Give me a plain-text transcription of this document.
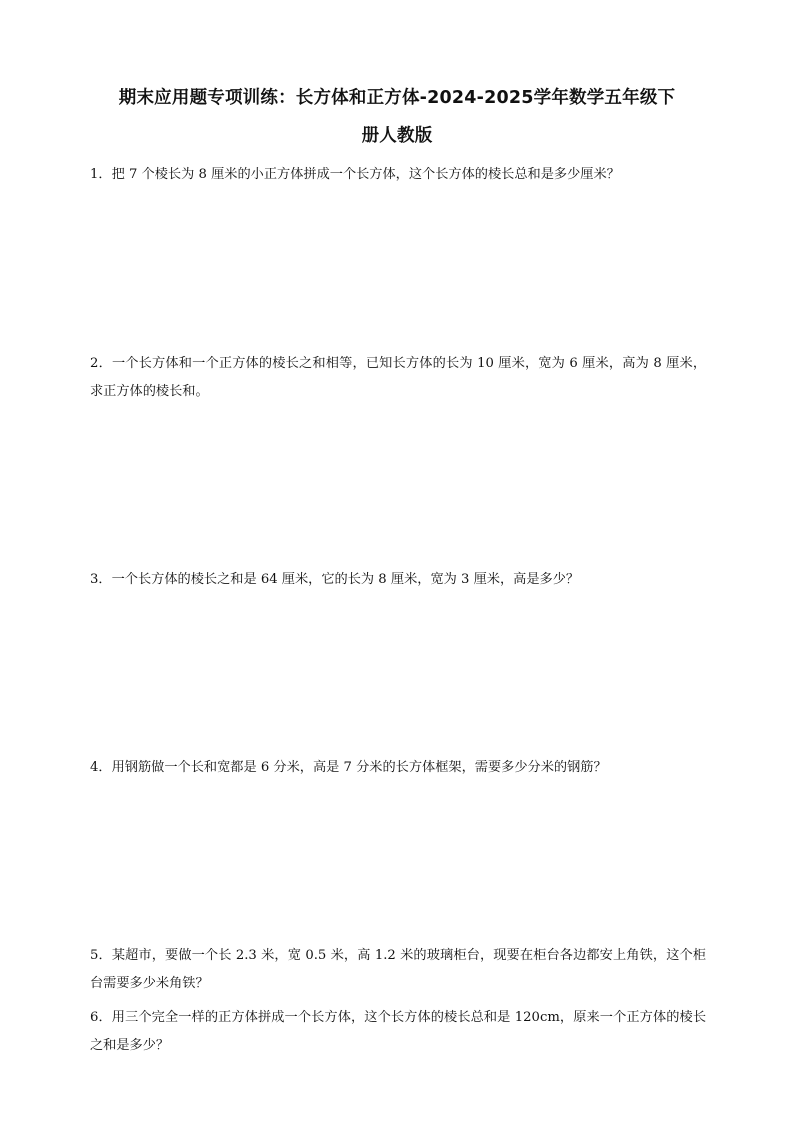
期末应用题专项训练：长方体和正方体-2024-2025学年数学五年级下
册人教版

1．把 7 个棱长为 8 厘米的小正方体拼成一个长方体，这个长方体的棱长总和是多少厘米？

2．一个长方体和一个正方体的棱长之和相等，已知长方体的长为 10 厘米，宽为 6 厘米，高为 8 厘米，求正方体的棱长和。

3．一个长方体的棱长之和是 64 厘米，它的长为 8 厘米，宽为 3 厘米，高是多少？

4．用钢筋做一个长和宽都是 6 分米，高是 7 分米的长方体框架，需要多少分米的钢筋？

5．某超市，要做一个长 2.3 米，宽 0.5 米，高 1.2 米的玻璃柜台，现要在柜台各边都安上角铁，这个柜台需要多少米角铁？

6．用三个完全一样的正方体拼成一个长方体，这个长方体的棱长总和是 120cm，原来一个正方体的棱长之和是多少？
